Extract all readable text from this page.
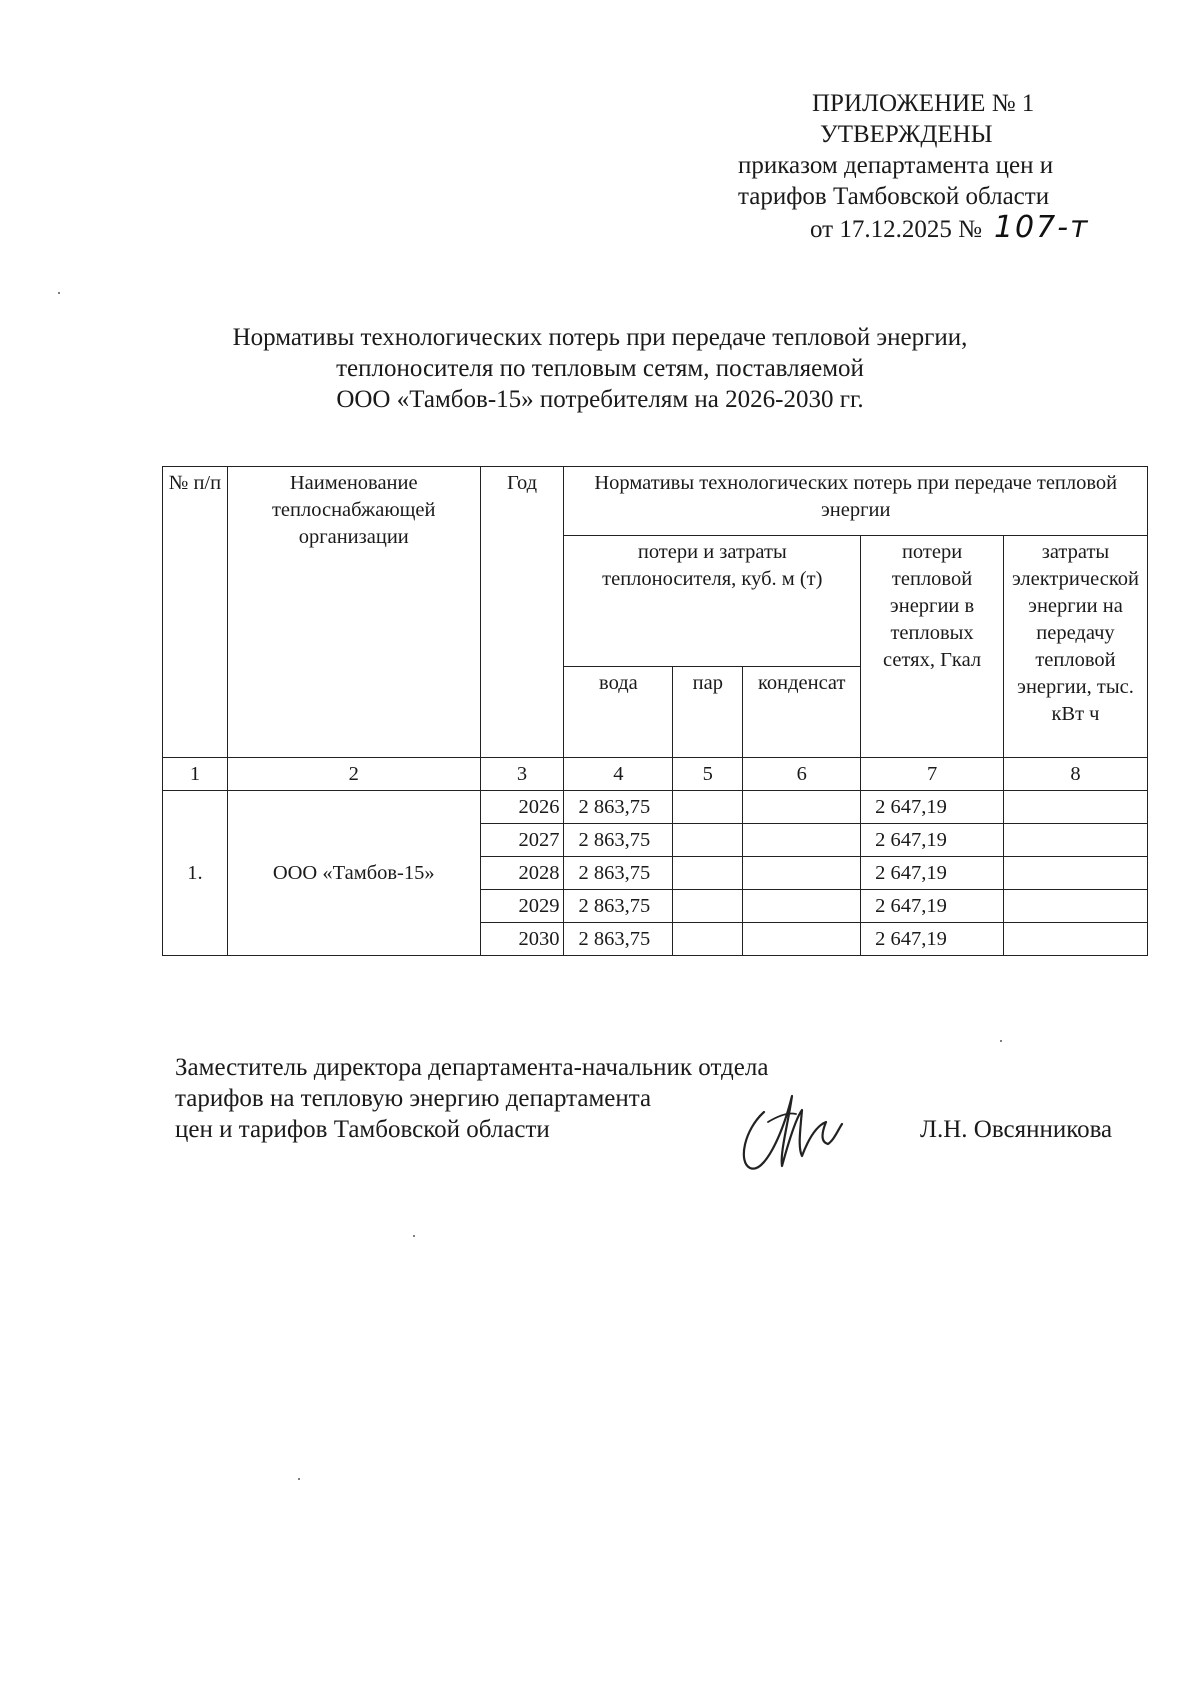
ПРИЛОЖЕНИЕ № 1
УТВЕРЖДЕНЫ
приказом департамента цен и
тарифов Тамбовской области
от 17.12.2025 № 107-т
Нормативы технологических потерь при передаче тепловой энергии,
теплоносителя по тепловым сетям, поставляемой
ООО «Тамбов-15» потребителям на 2026-2030 гг.
№ п/п	Наименование теплоснабжающей организации	Год	Нормативы технологических потерь при передаче тепловой энергии				
			потери и затраты теплоносителя, куб. м (т)			потери тепловой энергии в тепловых сетях, Гкал	затраты электрической энергии на передачу тепловой энергии, тыс. кВт ч
			вода	пар	конденсат		
1	2	3	4	5	6	7	8
1.	ООО «Тамбов-15»	2026	2 863,75			2 647,19	
		2027	2 863,75			2 647,19	
		2028	2 863,75			2 647,19	
		2029	2 863,75			2 647,19	
		2030	2 863,75			2 647,19	
Заместитель директора департамента-начальник отдела
тарифов на тепловую энергию департамента
цен и тарифов Тамбовской области	Л.Н. Овсянникова
